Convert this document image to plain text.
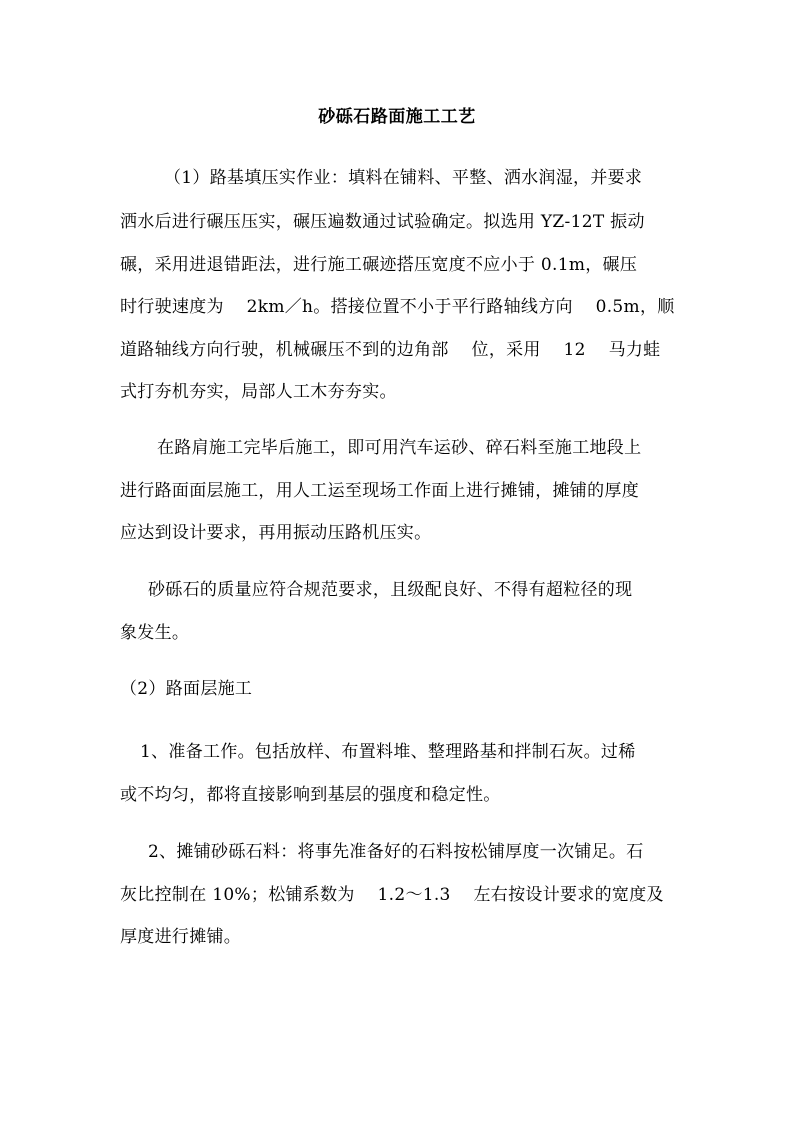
砂砾石路面施工工艺
（1）路基填压实作业：填料在铺料、平整、洒水润湿，并要求
洒水后进行碾压压实，碾压遍数通过试验确定。拟选用 YZ-12T 振动
碾，采用进退错距法，进行施工碾迹搭压宽度不应小于 0.1m，碾压
时行驶速度为    2km／h。搭接位置不小于平行路轴线方向    0.5m，顺
道路轴线方向行驶，机械碾压不到的边角部    位，采用    12    马力蛙
式打夯机夯实，局部人工木夯夯实。
在路肩施工完毕后施工，即可用汽车运砂、碎石料至施工地段上
进行路面面层施工，用人工运至现场工作面上进行摊铺，摊铺的厚度
应达到设计要求，再用振动压路机压实。
砂砾石的质量应符合规范要求，且级配良好、不得有超粒径的现
象发生。
（2）路面层施工
1、准备工作。包括放样、布置料堆、整理路基和拌制石灰。过稀
或不均匀，都将直接影响到基层的强度和稳定性。
2、摊铺砂砾石料：将事先准备好的石料按松铺厚度一次铺足。石
灰比控制在 10%；松铺系数为    1.2～1.3    左右按设计要求的宽度及
厚度进行摊铺。
